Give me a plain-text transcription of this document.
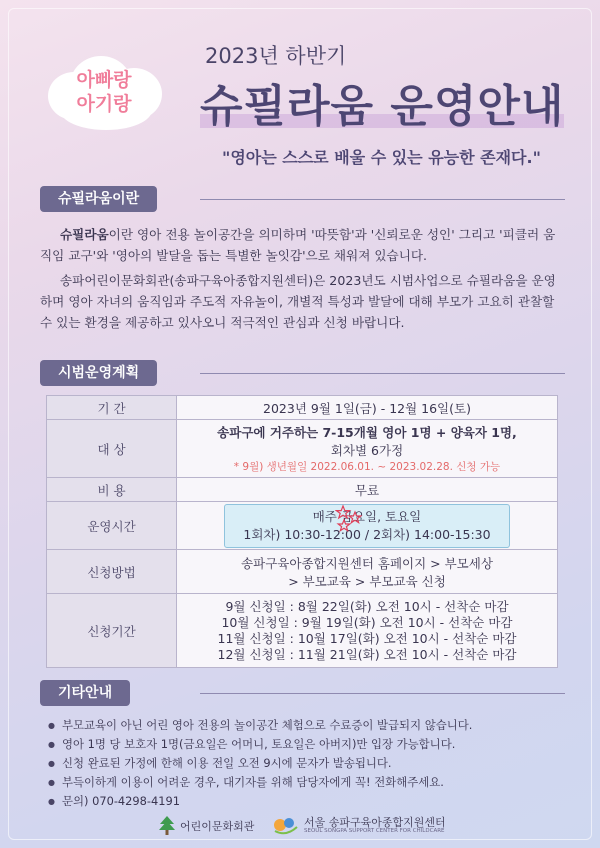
아빠랑
아기랑
2023년 하반기
슈필라움 운영안내
"영아는 스스로 배울 수 있는 유능한 존재다."
슈필라움이란
슈필라움이란 영아 전용 놀이공간을 의미하며 '따뜻함'과 '신뢰로운 성인' 그리고 '피클러 움직임 교구'와 '영아의 발달을 돕는 특별한 놀잇감'으로 채워져 있습니다.
송파어린이문화회관(송파구육아종합지원센터)은 2023년도 시범사업으로 슈필라움을 운영하며 영아 자녀의 움직임과 주도적 자유놀이, 개별적 특성과 발달에 대해 부모가 고요히 관찰할 수 있는 환경을 제공하고 있사오니 적극적인 관심과 신청 바랍니다.
시범운영계획
기 간	2023년 9월 1일(금) - 12월 16일(토)
대 상	송파구에 거주하는 7-15개월 영아 1명 + 양육자 1명,
회차별 6가정
* 9월) 생년월일 2022.06.01. ~ 2023.02.28. 신청 가능

비 용	무료
운영시간	매주 금요일, 토요일
1회차) 10:30-12:00 / 2회차) 14:00-15:30

신청방법	송파구육아종합지원센터 홈페이지 > 부모세상
> 부모교육 > 부모교육 신청

신청기간	9월 신청일 : 8월 22일(화) 오전 10시 - 선착순 마감
10월 신청일 : 9월 19일(화) 오전 10시 - 선착순 마감
11월 신청일 : 10월 17일(화) 오전 10시 - 선착순 마감
12월 신청일 : 11월 21일(화) 오전 10시 - 선착순 마감
기타안내
● 부모교육이 아닌 어린 영아 전용의 놀이공간 체험으로 수료증이 발급되지 않습니다.
● 영아 1명 당 보호자 1명(금요일은 어머니, 토요일은 아버지)만 입장 가능합니다.
● 신청 완료된 가정에 한해 이용 전일 오전 9시에 문자가 발송됩니다.
● 부득이하게 이용이 어려운 경우, 대기자를 위해 담당자에게 꼭! 전화해주세요.
● 문의) 070-4298-4191
어린이문화회관	서울 송파구육아종합지원센터
SEOUL SONGPA SUPPORT CENTER FOR CHILDCARE
